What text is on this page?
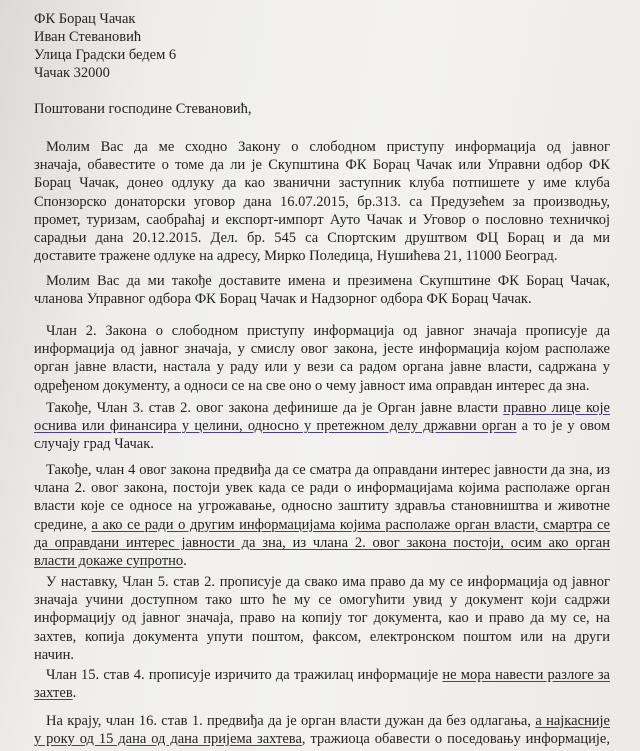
ФК Борац Чачак
Иван Стевановић
Улица Градски бедем 6
Чачак 32000
Поштовани господине Стевановић,
Молим Вас да ме сходно Закону о слободном приступу информација од јавног
значаја, обавестите о томе да ли је Скупштина ФК Борац Чачак или Управни одбор ФК
Борац Чачак, донео одлуку да као званични заступник клуба потпишете у име клуба
Спонзорско донаторски уговор дана 16.07.2015, бр.313. са Предузећем за производњу,
промет, туризам, саобраћај и експорт-импорт Ауто Чачак и Уговор о пословно техничкој
сарадњи дана 20.12.2015. Дел. бр. 545 са Спортским друштвом ФЦ Борац и да ми
доставите тражене одлуке на адресу, Мирко Поледица, Нушићева 21, 11000 Београд.
Молим Вас да ми такође доставите имена и презимена Скупштине ФК Борац Чачак,
чланова Управног одбора ФК Борац Чачак и Надзорног одбора ФК Борац Чачак.
Члан 2. Закона о слободном приступу информација од јавног значаја прописује да
информација од јавног значаја, у смислу овог закона, јесте информација којом располаже
орган јавне власти, настала у раду или у вези са радом органа јавне власти, садржана у
одређеном документу, а односи се на све оно о чему јавност има оправдан интерес да зна.
Такође, Члан 3. став 2. овог закона дефинише да је Орган јавне власти правно лице које
оснива или финансира у целини, односно у претежном делу државни орган а то је у овом
случају град Чачак.
Такође, члан 4 овог закона предвиђа да се сматра да оправдани интерес јавности да зна, из
члана 2. овог закона, постоји увек када се ради о информацијама којима располаже орган
власти које се односе на угрожавање, односно заштиту здравља становништва и животне
средине, а ако се ради о другим информацијама којима располаже орган власти, смартра се
да оправдани интерес јавности да зна, из члана 2. овог закона постоји, осим ако орган
власти докаже супротно.
У наставку, Члан 5. став 2. прописује да свако има право да му се информација од јавног
значаја учини доступном тако што ће му се омогућити увид у документ који садржи
информацију од јавног значаја, право на копију тог документа, као и право да му се, на
захтев, копија документа упути поштом, факсом, електронском поштом или на други
начин.
Члан 15. став 4. прописује изричито да тражилац информације не мора навести разлоге за
захтев.
На крају, члан 16. став 1. предвиђа да је орган власти дужан да без одлагања, а најкасније
у року од 15 дана од дана пријема захтева, тражиоца обавести о поседовању информације,
